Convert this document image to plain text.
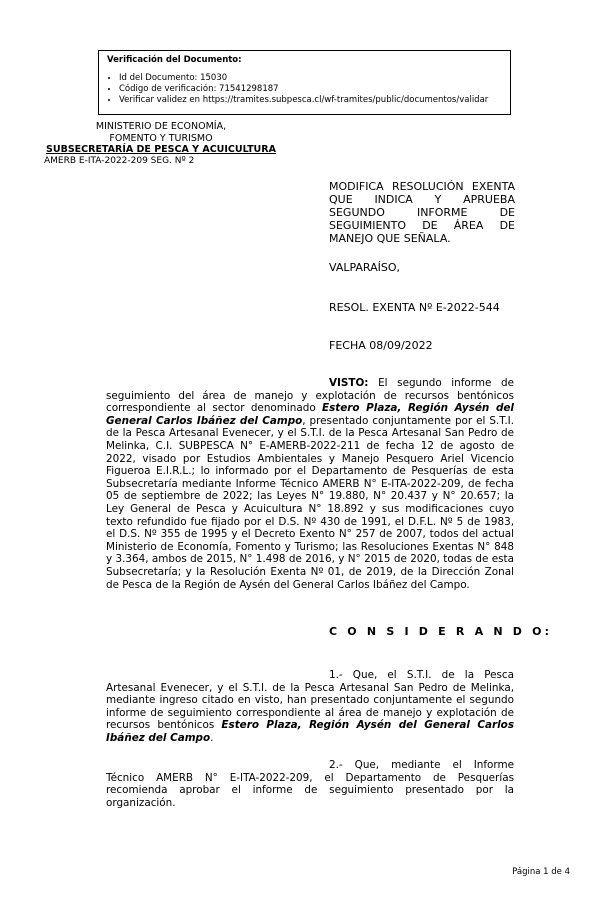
Verificación del Documento:
• Id del Documento: 15030
• Código de verificación: 71541298187
• Verificar validez en https://tramites.subpesca.cl/wf-tramites/public/documentos/validar
MINISTERIO DE ECONOMÍA,
FOMENTO Y TURISMO
SUBSECRETARÍA DE PESCA Y ACUICULTURA
AMERB E-ITA-2022-209 SEG. Nº 2
MODIFICA RESOLUCIÓN EXENTA QUE INDICA Y APRUEBA SEGUNDO INFORME DE SEGUIMIENTO DE ÁREA DE MANEJO QUE SEÑALA.
VALPARAÍSO,
RESOL. EXENTA Nº E-2022-544
FECHA 08/09/2022
VISTO: El segundo informe de seguimiento del área de manejo y explotación de recursos bentónicos correspondiente al sector denominado Estero Plaza, Región Aysén del General Carlos Ibáñez del Campo, presentado conjuntamente por el S.T.I. de la Pesca Artesanal Evenecer, y el S.T.I. de la Pesca Artesanal San Pedro de Melinka, C.I. SUBPESCA N° E-AMERB-2022-211 de fecha 12 de agosto de 2022, visado por Estudios Ambientales y Manejo Pesquero Ariel Vicencio Figueroa E.I.R.L.; lo informado por el Departamento de Pesquerías de esta Subsecretaría mediante Informe Técnico AMERB N° E-ITA-2022-209, de fecha 05 de septiembre de 2022; las Leyes N° 19.880, N° 20.437 y N° 20.657; la Ley General de Pesca y Acuicultura N° 18.892 y sus modificaciones cuyo texto refundido fue fijado por el D.S. Nº 430 de 1991, el D.F.L. Nº 5 de 1983, el D.S. Nº 355 de 1995 y el Decreto Exento N° 257 de 2007, todos del actual Ministerio de Economía, Fomento y Turismo; las Resoluciones Exentas N° 848 y 3.364, ambos de 2015, N° 1.498 de 2016, y N° 2015 de 2020, todas de esta Subsecretaría; y la Resolución Exenta Nº 01, de 2019, de la Dirección Zonal de Pesca de la Región de Aysén del General Carlos Ibáñez del Campo.
C O N S I D E R A N D O:
1.- Que, el S.T.I. de la Pesca Artesanal Evenecer, y el S.T.I. de la Pesca Artesanal San Pedro de Melinka, mediante ingreso citado en visto, han presentado conjuntamente el segundo informe de seguimiento correspondiente al área de manejo y explotación de recursos bentónicos Estero Plaza, Región Aysén del General Carlos Ibáñez del Campo.
2.- Que, mediante el Informe Técnico AMERB N° E-ITA-2022-209, el Departamento de Pesquerías recomienda aprobar el informe de seguimiento presentado por la organización.
Página 1 de 4
